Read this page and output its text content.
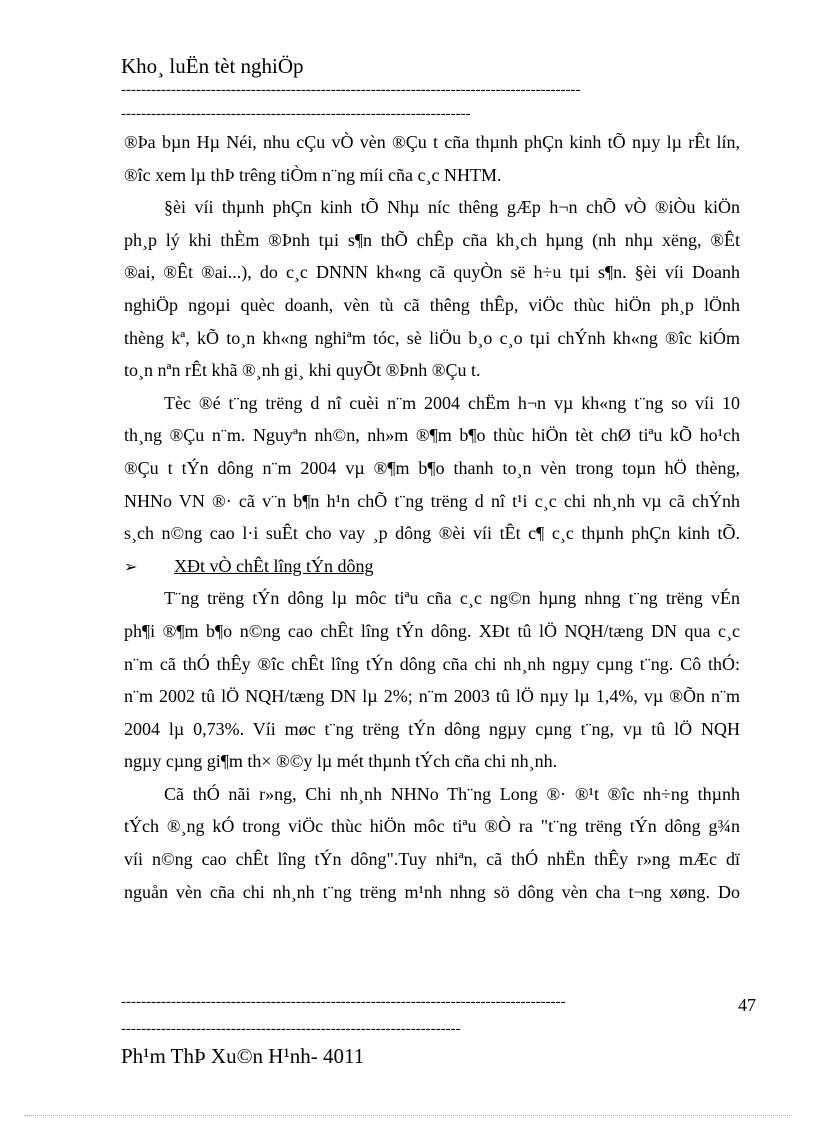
Kho¸ luËn tèt nghiÖp
--------------------------------------------------------------------------------------------
----------------------------------------------------------------------
®Þa bµn Hµ Néi, nhu cÇu vÒ vèn ®Çu t cña thµnh phÇn kinh tÕ nµy lµ rÊt lín,
®îc xem lµ thÞ trêng tiÒm n¨ng míi cña c¸c NHTM.
§èi víi thµnh phÇn kinh tÕ Nhµ níc thêng gÆp h¬n chÕ vÒ ®iÒu kiÖn
ph¸p lý khi thÈm ®Þnh tµi s¶n thÕ chÊp cña kh¸ch hµng (nh nhµ xëng, ®Êt
®ai, ®Êt ®ai...), do c¸c DNNN kh«ng cã quyÒn së h÷u tµi s¶n. §èi víi Doanh
nghiÖp ngoµi quèc doanh, vèn tù cã thêng thÊp, viÖc thùc hiÖn ph¸p lÖnh
thèng kª, kÕ to¸n kh«ng nghiªm tóc, sè liÖu b¸o c¸o tµi chÝnh kh«ng ®îc kiÓm
to¸n nªn rÊt khã ®¸nh gi¸ khi quyÕt ®Þnh ®Çu t.
Tèc ®é t¨ng trëng d nî cuèi n¨m 2004 chËm h¬n vµ kh«ng t¨ng so víi 10
th¸ng ®Çu n¨m. Nguyªn nh©n, nh»m ®¶m b¶o thùc hiÖn tèt chØ tiªu kÕ ho¹ch
®Çu t tÝn dông n¨m 2004 vµ ®¶m b¶o thanh to¸n vèn trong toµn hÖ thèng,
NHNo VN ®· cã v¨n b¶n h¹n chÕ t¨ng trëng d nî t¹i c¸c chi nh¸nh vµ cã chÝnh
s¸ch n©ng cao l·i suÊt cho vay ¸p dông ®èi víi tÊt c¶ c¸c thµnh phÇn kinh tÕ.
➢ XÐt vÒ chÊt lîng tÝn dông
T¨ng trëng tÝn dông lµ môc tiªu cña c¸c ng©n hµng nhng t¨ng trëng vÉn
ph¶i ®¶m b¶o n©ng cao chÊt lîng tÝn dông. XÐt tû lÖ NQH/tæng DN qua c¸c
n¨m cã thÓ thÊy ®îc chÊt lîng tÝn dông cña chi nh¸nh ngµy cµng t¨ng. Cô thÓ:
n¨m 2002 tû lÖ NQH/tæng DN lµ 2%; n¨m 2003 tû lÖ nµy lµ 1,4%, vµ ®Õn n¨m
2004 lµ 0,73%. Víi møc t¨ng trëng tÝn dông ngµy cµng t¨ng, vµ tû lÖ NQH
ngµy cµng gi¶m th× ®©y lµ mét thµnh tÝch cña chi nh¸nh.
Cã thÓ nãi r»ng, Chi nh¸nh NHNo Th¨ng Long ®· ®¹t ®îc nh÷ng thµnh
tÝch ®¸ng kÓ trong viÖc thùc hiÖn môc tiªu ®Ò ra "t¨ng trëng tÝn dông g¾n
víi n©ng cao chÊt lîng tÝn dông".Tuy nhiªn, cã thÓ nhËn thÊy r»ng mÆc dï
nguån vèn cña chi nh¸nh t¨ng trëng m¹nh nhng sö dông vèn cha t¬ng xøng. Do
-----------------------------------------------------------------------------------------	47
--------------------------------------------------------------------
Ph¹m ThÞ Xu©n H¹nh- 4011
